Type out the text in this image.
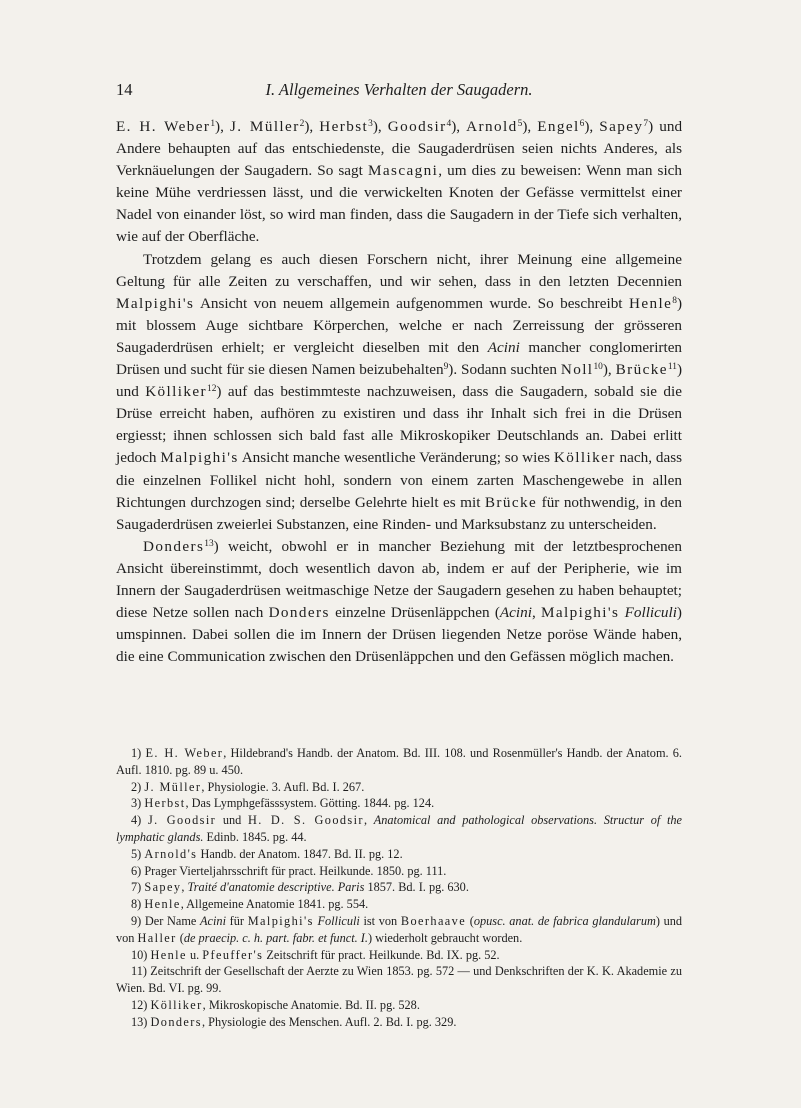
14	I. Allgemeines Verhalten der Saugadern.

E. H. Weber$^1$), J. Müller$^2$), Herbst$^3$), Goodsir$^4$), Arnold$^5$), Engel$^6$), Sapey$^7$) und Andere behaupten auf das entschiedenste, die Saugaderdrüsen seien nichts Anderes, als Verknäuelungen der Saugadern. So sagt Mascagni, um dies zu beweisen: Wenn man sich keine Mühe verdriessen lässt, und die verwickelten Knoten der Gefässe vermittelst einer Nadel von einander löst, so wird man finden, dass die Saugadern in der Tiefe sich verhalten, wie auf der Oberfläche.

Trotzdem gelang es auch diesen Forschern nicht, ihrer Meinung eine allgemeine Geltung für alle Zeiten zu verschaffen, und wir sehen, dass in den letzten Decennien Malpighi's Ansicht von neuem allgemein aufgenommen wurde. So beschreibt Henle$^8$) mit blossem Auge sichtbare Körperchen, welche er nach Zerreissung der grösseren Saugaderdrüsen erhielt; er vergleicht dieselben mit den Acini mancher conglomerirten Drüsen und sucht für sie diesen Namen beizubehalten$^9$). Sodann suchten Noll$^{10}$), Brücke$^{11}$) und Kölliker$^{12}$) auf das bestimmteste nachzuweisen, dass die Saugadern, sobald sie die Drüse erreicht haben, aufhören zu existiren und dass ihr Inhalt sich frei in die Drüsen ergiesst; ihnen schlossen sich bald fast alle Mikroskopiker Deutschlands an. Dabei erlitt jedoch Malpighi's Ansicht manche wesentliche Veränderung; so wies Kölliker nach, dass die einzelnen Follikel nicht hohl, sondern von einem zarten Maschengewebe in allen Richtungen durchzogen sind; derselbe Gelehrte hielt es mit Brücke für nothwendig, in den Saugaderdrüsen zweierlei Substanzen, eine Rinden- und Marksubstanz zu unterscheiden.

Donders$^{13}$) weicht, obwohl er in mancher Beziehung mit der letztbesprochenen Ansicht übereinstimmt, doch wesentlich davon ab, indem er auf der Peripherie, wie im Innern der Saugaderdrüsen weitmaschige Netze der Saugadern gesehen zu haben behauptet; diese Netze sollen nach Donders einzelne Drüsenläppchen (Acini, Malpighi's Folliculi) umspinnen. Dabei sollen die im Innern der Drüsen liegenden Netze poröse Wände haben, die eine Communication zwischen den Drüsenläppchen und den Gefässen möglich machen.

1) E. H. Weber, Hildebrand's Handb. der Anatom. Bd. III. 108. und Rosenmüller's Handb. der Anatom. 6. Aufl. 1810. pg. 89 u. 450.
2) J. Müller, Physiologie. 3. Aufl. Bd. I. 267.
3) Herbst, Das Lymphgefässsystem. Götting. 1844. pg. 124.
4) J. Goodsir und H. D. S. Goodsir, Anatomical and pathological observations. Structur of the lymphatic glands. Edinb. 1845. pg. 44.
5) Arnold's Handb. der Anatom. 1847. Bd. II. pg. 12.
6) Prager Vierteljahrsschrift für pract. Heilkunde. 1850. pg. 111.
7) Sapey, Traité d'anatomie descriptive. Paris 1857. Bd. I. pg. 630.
8) Henle, Allgemeine Anatomie 1841. pg. 554.
9) Der Name Acini für Malpighi's Folliculi ist von Boerhaave (opusc. anat. de fabrica glandularum) und von Haller (de praecip. c. h. part. fabr. et funct. I.) wiederholt gebraucht worden.
10) Henle u. Pfeuffer's Zeitschrift für pract. Heilkunde. Bd. IX. pg. 52.
11) Zeitschrift der Gesellschaft der Aerzte zu Wien 1853. pg. 572 — und Denkschriften der K. K. Akademie zu Wien. Bd. VI. pg. 99.
12) Kölliker, Mikroskopische Anatomie. Bd. II. pg. 528.
13) Donders, Physiologie des Menschen. Aufl. 2. Bd. I. pg. 329.
